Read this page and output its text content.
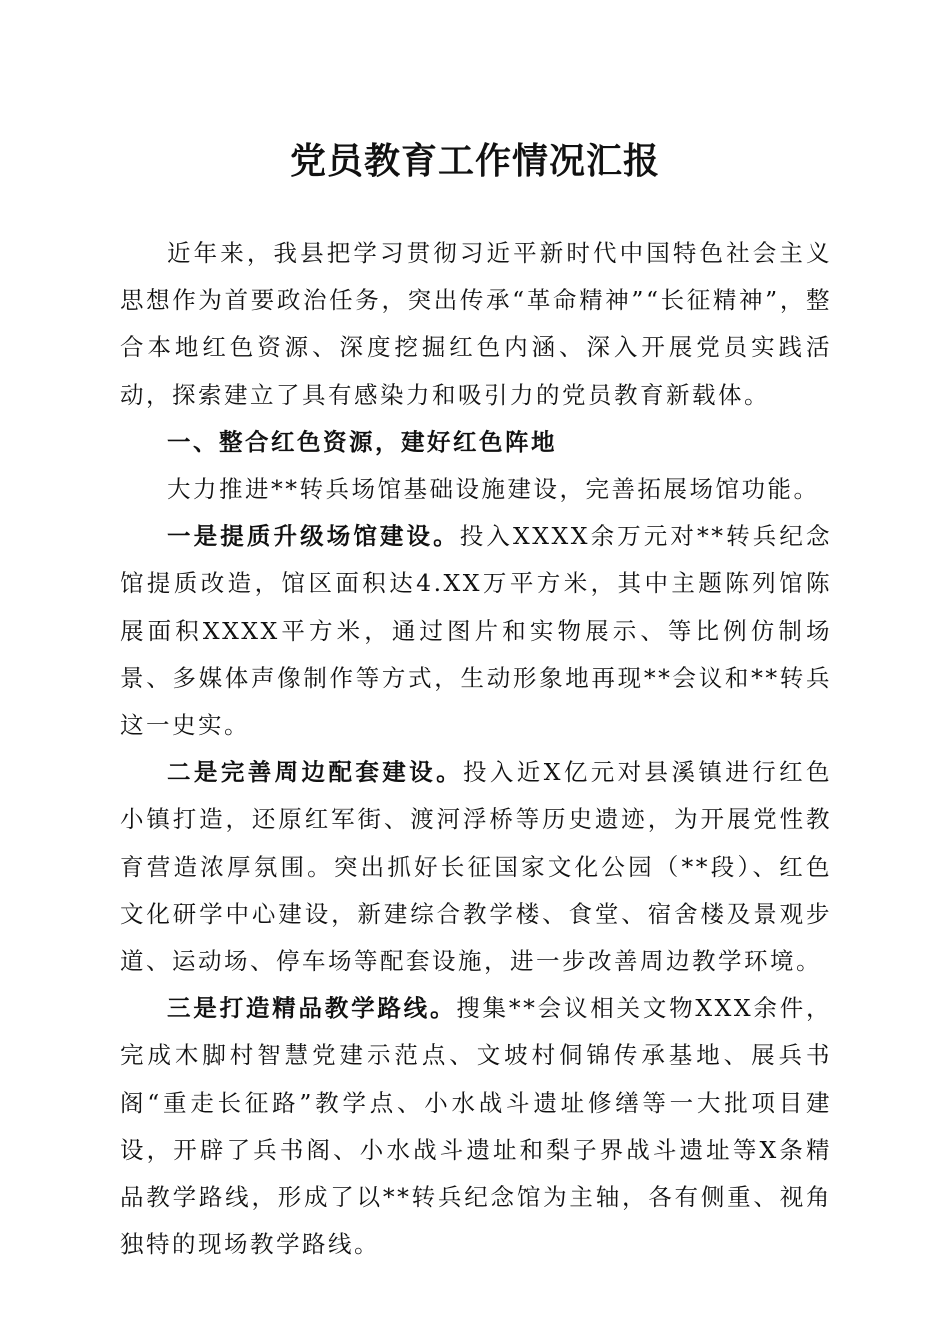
党员教育工作情况汇报

近年来，我县把学习贯彻习近平新时代中国特色社会主义思想作为首要政治任务，突出传承“革命精神”“长征精神”，整合本地红色资源、深度挖掘红色内涵、深入开展党员实践活动，探索建立了具有感染力和吸引力的党员教育新载体。

一、整合红色资源，建好红色阵地

大力推进**转兵场馆基础设施建设，完善拓展场馆功能。

一是提质升级场馆建设。投入XXXX余万元对**转兵纪念馆提质改造，馆区面积达4.XX万平方米，其中主题陈列馆陈展面积XXXX平方米，通过图片和实物展示、等比例仿制场景、多媒体声像制作等方式，生动形象地再现**会议和**转兵这一史实。

二是完善周边配套建设。投入近X亿元对县溪镇进行红色小镇打造，还原红军街、渡河浮桥等历史遗迹，为开展党性教育营造浓厚氛围。突出抓好长征国家文化公园（**段）、红色文化研学中心建设，新建综合教学楼、食堂、宿舍楼及景观步道、运动场、停车场等配套设施，进一步改善周边教学环境。

三是打造精品教学路线。搜集**会议相关文物XXX余件，完成木脚村智慧党建示范点、文坡村侗锦传承基地、展兵书阁“重走长征路”教学点、小水战斗遗址修缮等一大批项目建设，开辟了兵书阁、小水战斗遗址和梨子界战斗遗址等X条精品教学路线，形成了以**转兵纪念馆为主轴，各有侧重、视角独特的现场教学路线。
